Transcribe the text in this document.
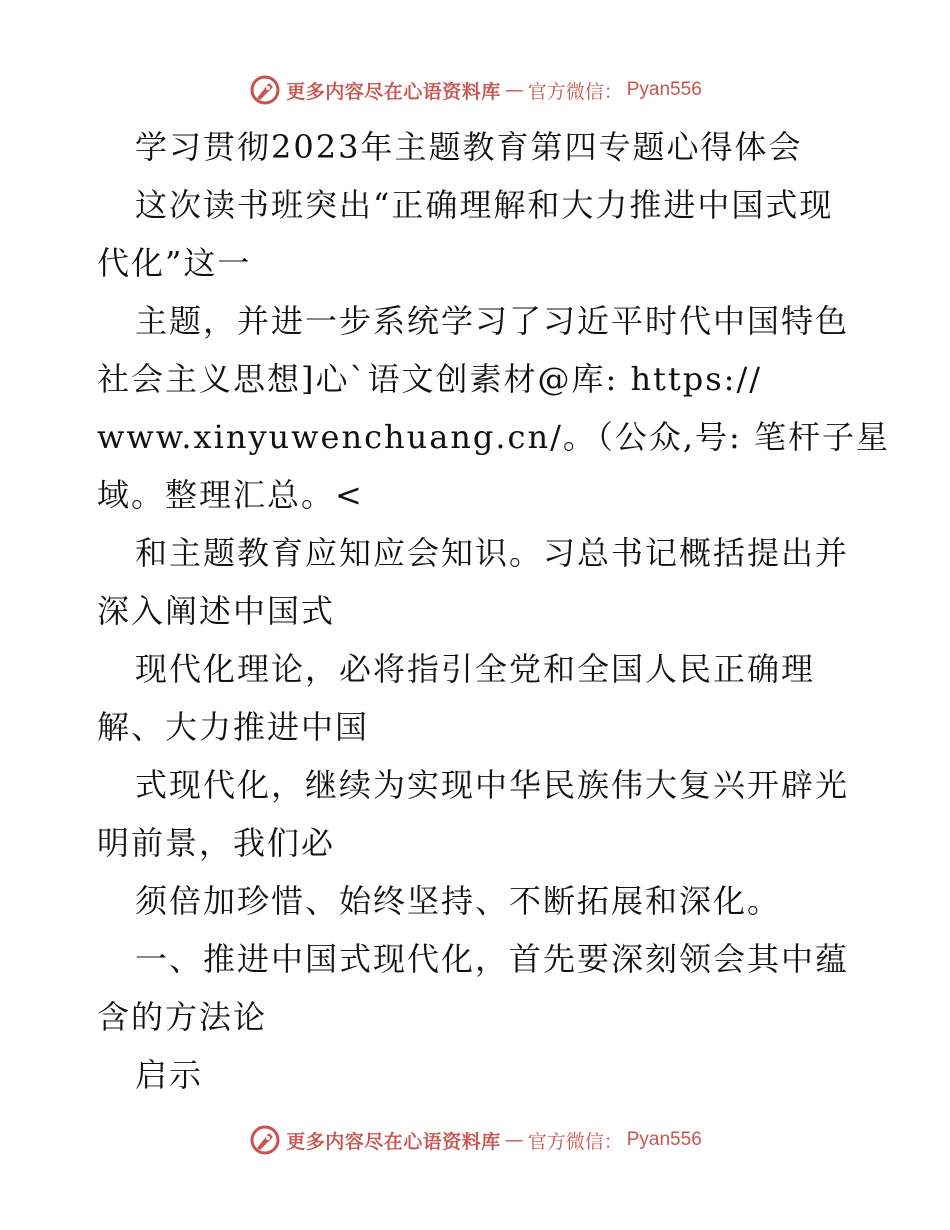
更多内容尽在心语资料库 — 官方微信： Pyan556
学习贯彻2023年主题教育第四专题心得体会
这次读书班突出“正确理解和大力推进中国式现
代化”这一
主题，并进一步系统学习了习近平时代中国特色
社会主义思想]心`语文创素材@库: https://
www.xinyuwenchuang.cn/。（公众,号: 笔杆子星
域。整理汇总。<
和主题教育应知应会知识。习总书记概括提出并
深入阐述中国式
现代化理论，必将指引全党和全国人民正确理
解、大力推进中国
式现代化，继续为实现中华民族伟大复兴开辟光
明前景，我们必
须倍加珍惜、始终坚持、不断拓展和深化。
一、推进中国式现代化，首先要深刻领会其中蕴
含的方法论
启示
更多内容尽在心语资料库 — 官方微信： Pyan556
